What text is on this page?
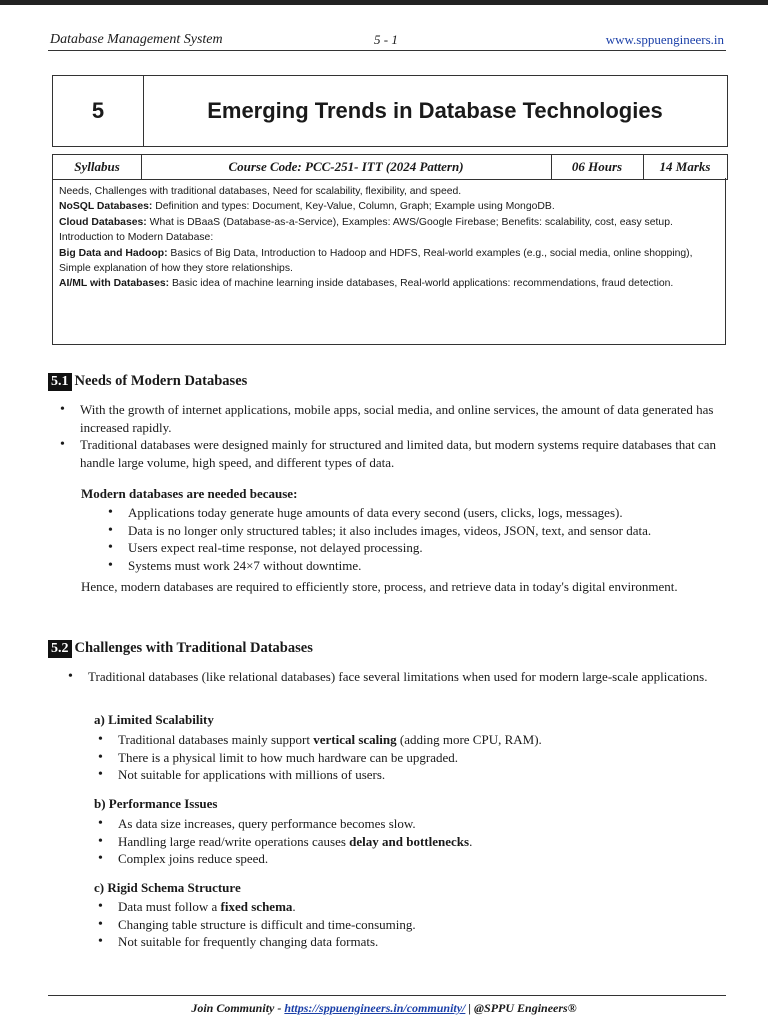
Database Management System	5 - 1	www.sppuengineers.in
5	Emerging Trends in Database Technologies
Syllabus	Course Code: PCC-251- ITT (2024 Pattern)	06 Hours	14 Marks

Needs, Challenges with traditional databases, Need for scalability, flexibility, and speed.

NoSQL Databases: Definition and types: Document, Key-Value, Column, Graph; Example using MongoDB.

Cloud Databases: What is DBaaS (Database-as-a-Service), Examples: AWS/Google Firebase; Benefits: scalability, cost, easy setup.

Introduction to Modern Database:

Big Data and Hadoop: Basics of Big Data, Introduction to Hadoop and HDFS, Real-world examples (e.g., social media, online shopping), Simple explanation of how they store relationships.

AI/ML with Databases: Basic idea of machine learning inside databases, Real-world applications: recommendations, fraud detection.

5.1 Needs of Modern Databases
• With the growth of internet applications, mobile apps, social media, and online services, the amount of data generated has increased rapidly.
• Traditional databases were designed mainly for structured and limited data, but modern systems require databases that can handle large volume, high speed, and different types of data.
Modern databases are needed because:
• Applications today generate huge amounts of data every second (users, clicks, logs, messages).
• Data is no longer only structured tables; it also includes images, videos, JSON, text, and sensor data.
• Users expect real-time response, not delayed processing.
• Systems must work 24×7 without downtime.
Hence, modern databases are required to efficiently store, process, and retrieve data in today's digital environment.
5.2 Challenges with Traditional Databases
• Traditional databases (like relational databases) face several limitations when used for modern large-scale applications.
a) Limited Scalability
• Traditional databases mainly support vertical scaling (adding more CPU, RAM).
• There is a physical limit to how much hardware can be upgraded.
• Not suitable for applications with millions of users.
b) Performance Issues
• As data size increases, query performance becomes slow.
• Handling large read/write operations causes delay and bottlenecks.
• Complex joins reduce speed.
c) Rigid Schema Structure
• Data must follow a fixed schema.
• Changing table structure is difficult and time-consuming.
• Not suitable for frequently changing data formats.
Join Community - https://sppuengineers.in/community/ | @SPPU Engineers®
